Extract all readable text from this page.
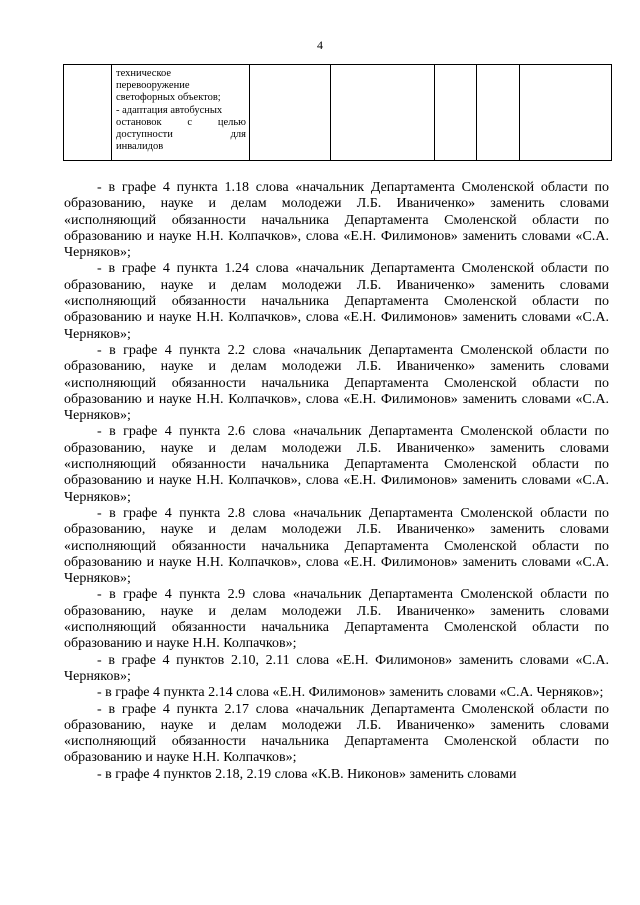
4

техническое
перевооружение
светофорных объектов;
- адаптация автобусных
остановок с целью
доступности для
инвалидов

- в графе 4 пункта 1.18 слова «начальник Департамента Смоленской области по образованию, науке и делам молодежи Л.Б. Иваниченко» заменить словами «исполняющий обязанности начальника Департамента Смоленской области по образованию и науке Н.Н. Колпачков», слова «Е.Н. Филимонов» заменить словами «С.А. Черняков»;

- в графе 4 пункта 1.24 слова «начальник Департамента Смоленской области по образованию, науке и делам молодежи Л.Б. Иваниченко» заменить словами «исполняющий обязанности начальника Департамента Смоленской области по образованию и науке Н.Н. Колпачков», слова «Е.Н. Филимонов» заменить словами «С.А. Черняков»;

- в графе 4 пункта 2.2 слова «начальник Департамента Смоленской области по образованию, науке и делам молодежи Л.Б. Иваниченко» заменить словами «исполняющий обязанности начальника Департамента Смоленской области по образованию и науке Н.Н. Колпачков», слова «Е.Н. Филимонов» заменить словами «С.А. Черняков»;

- в графе 4 пункта 2.6 слова «начальник Департамента Смоленской области по образованию, науке и делам молодежи Л.Б. Иваниченко» заменить словами «исполняющий обязанности начальника Департамента Смоленской области по образованию и науке Н.Н. Колпачков», слова «Е.Н. Филимонов» заменить словами «С.А. Черняков»;

- в графе 4 пункта 2.8 слова «начальник Департамента Смоленской области по образованию, науке и делам молодежи Л.Б. Иваниченко» заменить словами «исполняющий обязанности начальника Департамента Смоленской области по образованию и науке Н.Н. Колпачков», слова «Е.Н. Филимонов» заменить словами «С.А. Черняков»;

- в графе 4 пункта 2.9 слова «начальник Департамента Смоленской области по образованию, науке и делам молодежи Л.Б. Иваниченко» заменить словами «исполняющий обязанности начальника Департамента Смоленской области по образованию и науке Н.Н. Колпачков»;

- в графе 4 пунктов 2.10, 2.11 слова «Е.Н. Филимонов» заменить словами «С.А. Черняков»;

- в графе 4 пункта 2.14 слова «Е.Н. Филимонов» заменить словами «С.А. Черняков»;

- в графе 4 пункта 2.17 слова «начальник Департамента Смоленской области по образованию, науке и делам молодежи Л.Б. Иваниченко» заменить словами «исполняющий обязанности начальника Департамента Смоленской области по образованию и науке Н.Н. Колпачков»;

- в графе 4 пунктов 2.18, 2.19 слова «К.В. Никонов» заменить словами
